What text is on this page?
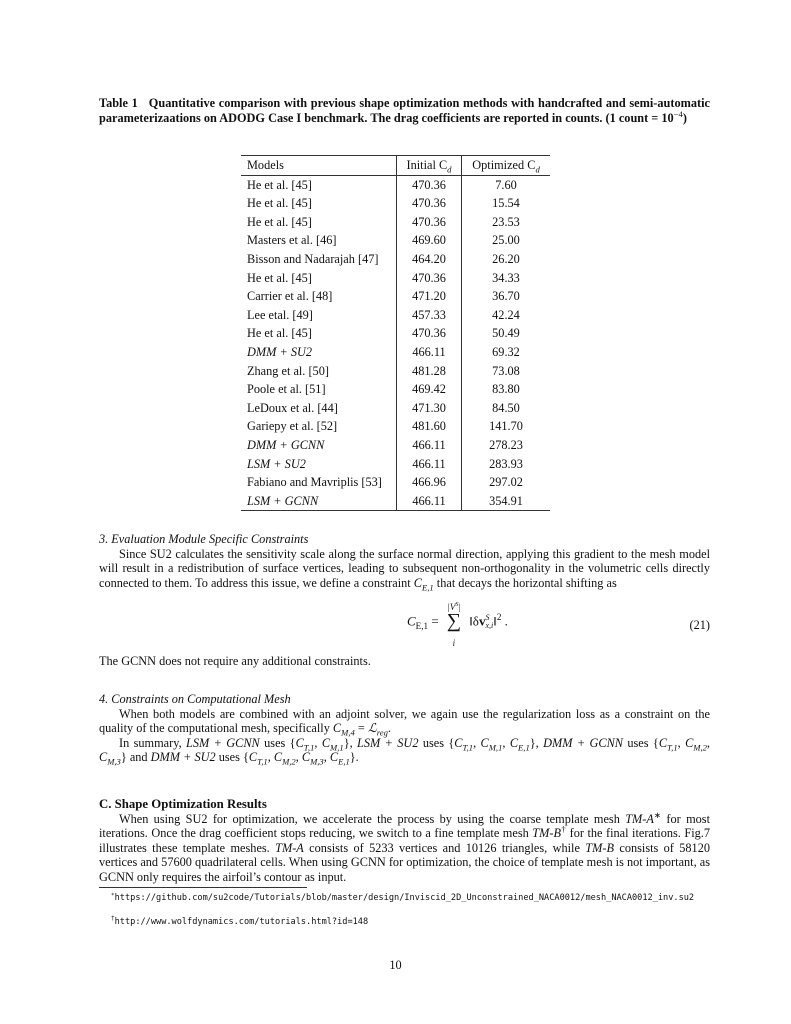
Table 1 Quantitative comparison with previous shape optimization methods with handcrafted and semi-automatic parameterizaations on ADODG Case I benchmark. The drag coefficients are reported in counts. (1 count = $10^{-4}$)
Models	Initial $C_d$	Optimized $C_d$
He et al. [45]	470.36	7.60
He et al. [45]	470.36	15.54
He et al. [45]	470.36	23.53
Masters et al. [46]	469.60	25.00
Bisson and Nadarajah [47]	464.20	26.20
He et al. [45]	470.36	34.33
Carrier et al. [48]	471.20	36.70
Lee etal. [49]	457.33	42.24
He et al. [45]	470.36	50.49
DMM + SU2	466.11	69.32
Zhang et al. [50]	481.28	73.08
Poole et al. [51]	469.42	83.80
LeDoux et al. [44]	471.30	84.50
Gariepy et al. [52]	481.60	141.70
DMM + GCNN	466.11	278.23
LSM + SU2	466.11	283.93
Fabiano and Mavriplis [53]	466.96	297.02
LSM + GCNN	466.11	354.91
3. Evaluation Module Specific Constraints
Since SU2 calculates the sensitivity scale along the surface normal direction, applying this gradient to the mesh model will result in a redistribution of surface vertices, leading to subsequent non-orthogonality in the volumetric cells directly connected to them. To address this issue, we define a constraint $C_{E,1}$ that decays the horizontal shifting as
The GCNN does not require any additional constraints.
4. Constraints on Computational Mesh
When both models are combined with an adjoint solver, we again use the regularization loss as a constraint on the quality of the computational mesh, specifically $C_{M,4}$ = ℒ$_{reg}$.
In summary, LSM + GCNN uses {$C_{T,1}$, $C_{M,1}$}, LSM + SU2 uses {$C_{T,1}$, $C_{M,1}$, $C_{E,1}$}, DMM + GCNN uses {$C_{T,1}$, $C_{M,2}$, $C_{M,3}$} and DMM + SU2 uses {$C_{T,1}$, $C_{M,2}$, $C_{M,3}$, $C_{E,1}$}.
C. Shape Optimization Results
When using SU2 for optimization, we accelerate the process by using the coarse template mesh TM-A∗ for most iterations. Once the drag coefficient stops reducing, we switch to a fine template mesh TM-B† for the final iterations. Fig.7 illustrates these template meshes. TM-A consists of 5233 vertices and 10126 triangles, while TM-B consists of 58120 vertices and 57600 quadrilateral cells. When using GCNN for optimization, the choice of template mesh is not important, as GCNN only requires the airfoil’s contour as input.
$C_{E,1}$ =
$|V^S|$
∑
i
‖δv S
x,i ‖$^2$ .	(21)
∗https://github.com/su2code/Tutorials/blob/master/design/Inviscid_2D_Unconstrained_NACA0012/mesh_NACA0012_inv.su2
†http://www.wolfdynamics.com/tutorials.html?id=148
10
